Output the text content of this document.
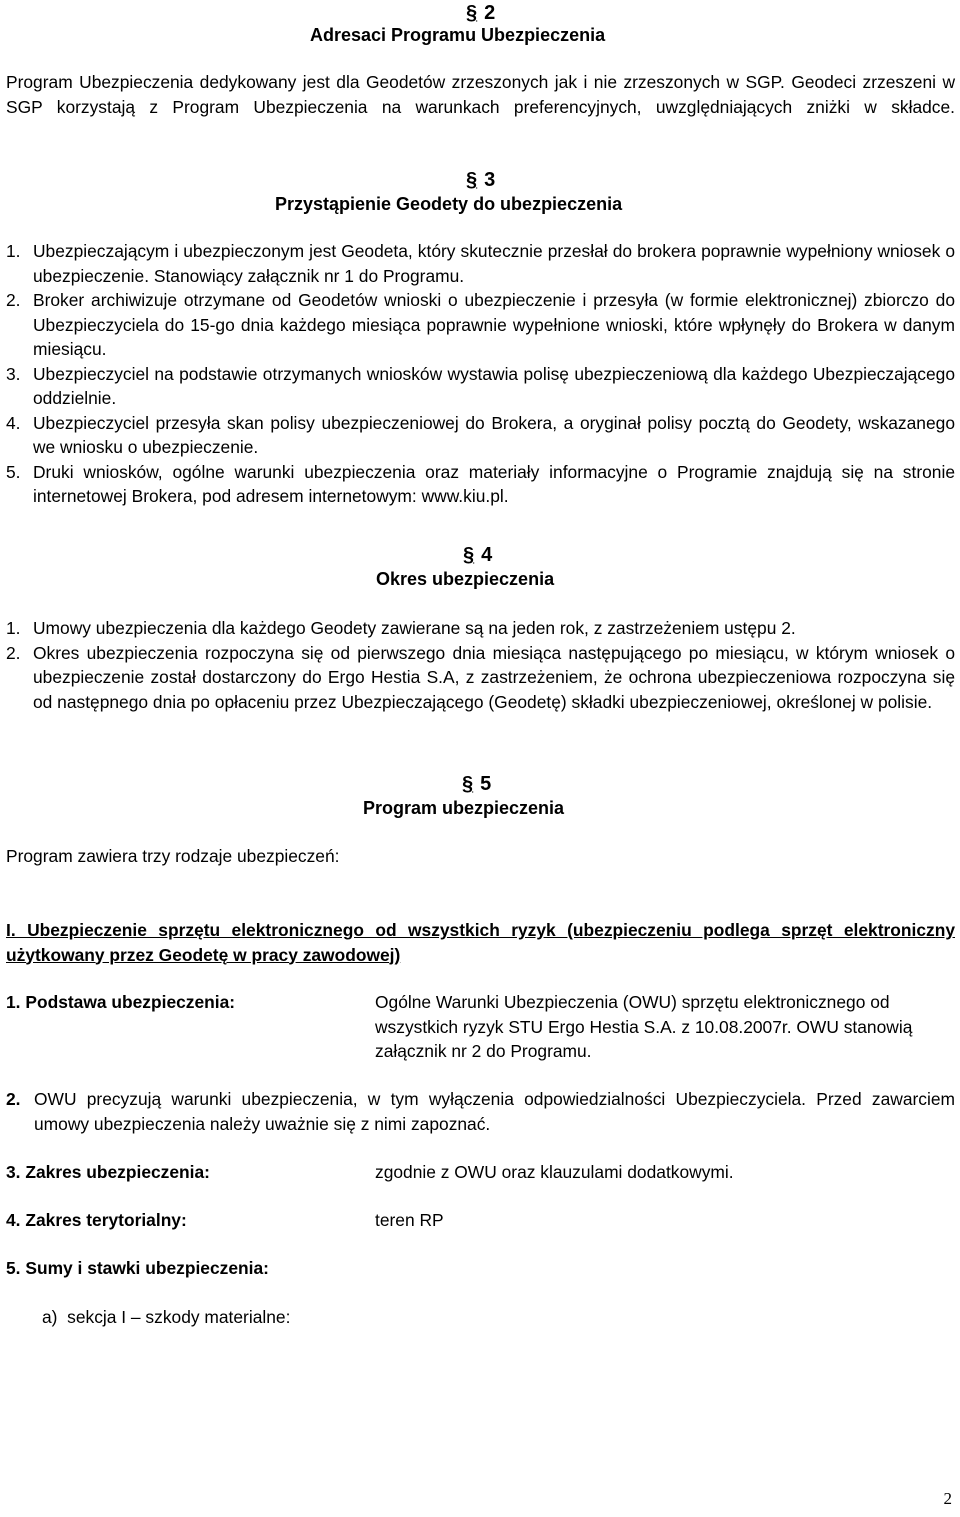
§ 2
Adresaci Programu Ubezpieczenia

Program Ubezpieczenia dedykowany jest dla Geodetów zrzeszonych jak i nie zrzeszonych w SGP. Geodeci zrzeszeni w SGP korzystają z Program Ubezpieczenia na warunkach preferencyjnych, uwzględniających zniżki w składce.

§ 3
Przystąpienie Geodety do ubezpieczenia
1. Ubezpieczającym i ubezpieczonym jest Geodeta, który skutecznie przesłał do brokera poprawnie wypełniony wniosek o ubezpieczenie. Stanowiący załącznik nr 1 do Programu.
2. Broker archiwizuje otrzymane od Geodetów wnioski o ubezpieczenie i przesyła (w formie elektronicznej) zbiorczo do Ubezpieczyciela do 15-go dnia każdego miesiąca poprawnie wypełnione wnioski, które wpłynęły do Brokera w danym miesiącu.
3. Ubezpieczyciel na podstawie otrzymanych wniosków wystawia polisę ubezpieczeniową dla każdego Ubezpieczającego oddzielnie.
4. Ubezpieczyciel przesyła skan polisy ubezpieczeniowej do Brokera, a oryginał polisy pocztą do Geodety, wskazanego we wniosku o ubezpieczenie.
5. Druki wniosków, ogólne warunki ubezpieczenia oraz materiały informacyjne o Programie znajdują się na stronie internetowej Brokera, pod adresem internetowym: www.kiu.pl.
§ 4
Okres ubezpieczenia
1. Umowy ubezpieczenia dla każdego Geodety zawierane są na jeden rok, z zastrzeżeniem ustępu 2.
2. Okres ubezpieczenia rozpoczyna się od pierwszego dnia miesiąca następującego po miesiącu, w którym wniosek o ubezpieczenie został dostarczony do Ergo Hestia S.A, z zastrzeżeniem, że ochrona ubezpieczeniowa rozpoczyna się od następnego dnia po opłaceniu przez Ubezpieczającego (Geodetę) składki ubezpieczeniowej, określonej w polisie.
§ 5
Program ubezpieczenia

Program zawiera trzy rodzaje ubezpieczeń:

I. Ubezpieczenie sprzętu elektronicznego od wszystkich ryzyk (ubezpieczeniu podlega sprzęt elektroniczny użytkowany przez Geodetę w pracy zawodowej)

1. Podstawa ubezpieczenia:	Ogólne Warunki Ubezpieczenia (OWU) sprzętu elektronicznego od wszystkich ryzyk STU Ergo Hestia S.A. z 10.08.2007r. OWU stanowią załącznik nr 2 do Programu.
2. OWU precyzują warunki ubezpieczenia, w tym wyłączenia odpowiedzialności Ubezpieczyciela. Przed zawarciem umowy ubezpieczenia należy uważnie się z nimi zapoznać.
3. Zakres ubezpieczenia:	zgodnie z OWU oraz klauzulami dodatkowymi.
4. Zakres terytorialny:	teren RP
5. Sumy i stawki ubezpieczenia:
a) sekcja I – szkody materialne:
2
